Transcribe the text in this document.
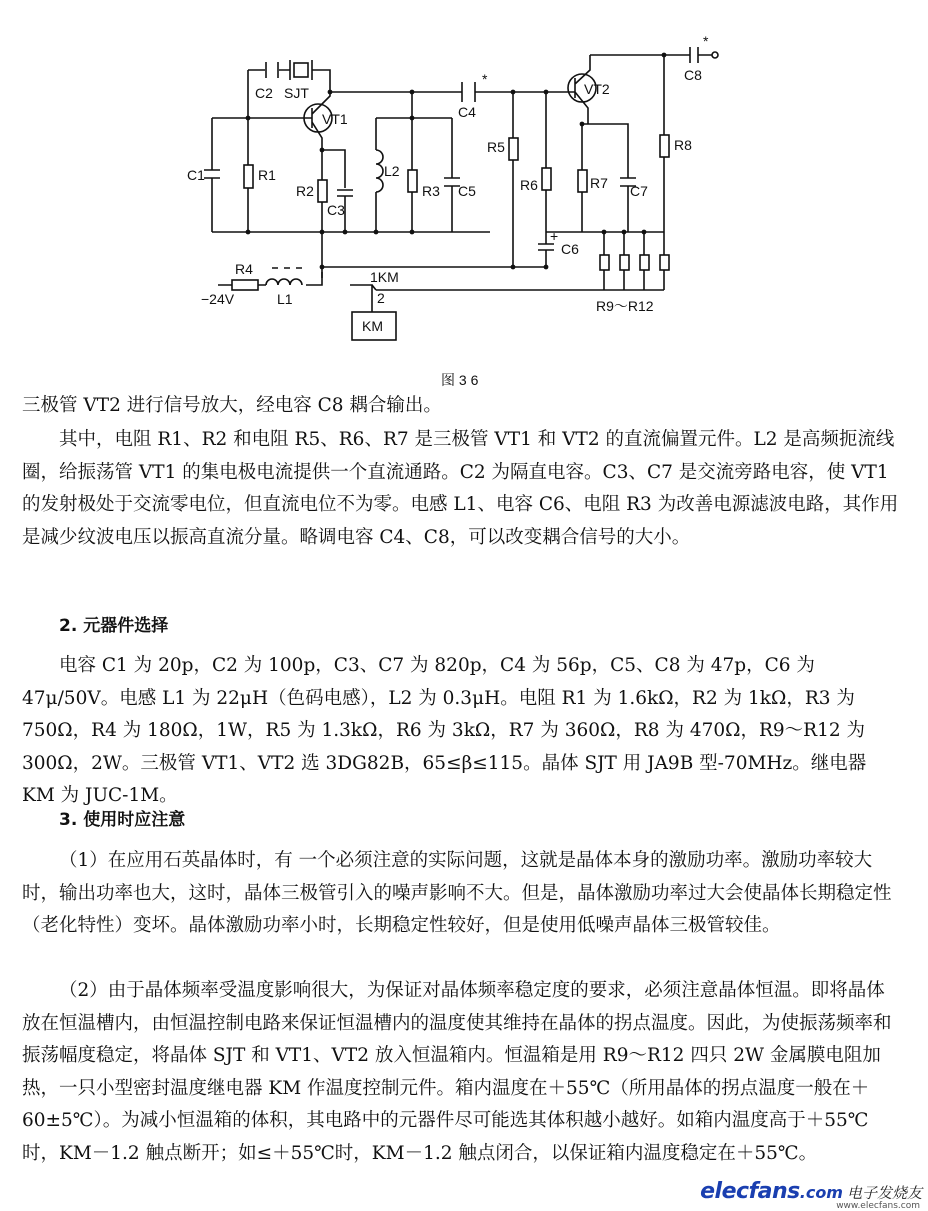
C2 SJT
VT1
C1	R1
R2
C3
L2
R3 C5
C4
*
R5
R6
VT2
R7 C7
C6
+
R8
C8
*
R4
−24V	L1
1KM
2
KM
R9～R12
图 3 6

三极管 VT2 进行信号放大，经电容 C8 耦合输出。

其中，电阻 R1、R2 和电阻 R5、R6、R7 是三极管 VT1 和 VT2 的直流偏置元件。L2 是高频扼流线圈，给振荡管 VT1 的集电极电流提供一个直流通路。C2 为隔直电容。C3、C7 是交流旁路电容，使 VT1 的发射极处于交流零电位，但直流电位不为零。电感 L1、电容 C6、电阻 R3 为改善电源滤波电路，其作用是减少纹波电压以振高直流分量。略调电容 C4、C8，可以改变耦合信号的大小。

2. 元器件选择

电容 C1 为 20p，C2 为 100p，C3、C7 为 820p，C4 为 56p，C5、C8 为 47p，C6 为 47μ/50V。电感 L1 为 22μH（色码电感），L2 为 0.3μH。电阻 R1 为 1.6kΩ，R2 为 1kΩ，R3 为 750Ω，R4 为 180Ω，1W，R5 为 1.3kΩ，R6 为 3kΩ，R7 为 360Ω，R8 为 470Ω，R9～R12 为 300Ω，2W。三极管 VT1、VT2 选 3DG82B，65≤β≤115。晶体 SJT 用 JA9B 型-70MHz。继电器 KM 为 JUC-1M。

3. 使用时应注意

（1）在应用石英晶体时，有 一个必须注意的实际问题，这就是晶体本身的激励功率。激励功率较大时，输出功率也大，这时，晶体三极管引入的噪声影响不大。但是，晶体激励功率过大会使晶体长期稳定性（老化特性）变坏。晶体激励功率小时，长期稳定性较好，但是使用低噪声晶体三极管较佳。

（2）由于晶体频率受温度影响很大，为保证对晶体频率稳定度的要求，必须注意晶体恒温。即将晶体放在恒温槽内，由恒温控制电路来保证恒温槽内的温度使其维持在晶体的拐点温度。因此，为使振荡频率和振荡幅度稳定，将晶体 SJT 和 VT1、VT2 放入恒温箱内。恒温箱是用 R9～R12 四只 2W 金属膜电阻加热，一只小型密封温度继电器 KM 作温度控制元件。箱内温度在＋55℃（所用晶体的拐点温度一般在＋60±5℃）。为减小恒温箱的体积，其电路中的元器件尽可能选其体积越小越好。如箱内温度高于＋55℃时，KM－1.2 触点断开；如≤＋55℃时，KM－1.2 触点闭合，以保证箱内温度稳定在＋55℃。

elecfans.com 电子发烧友
www.elecfans.com
